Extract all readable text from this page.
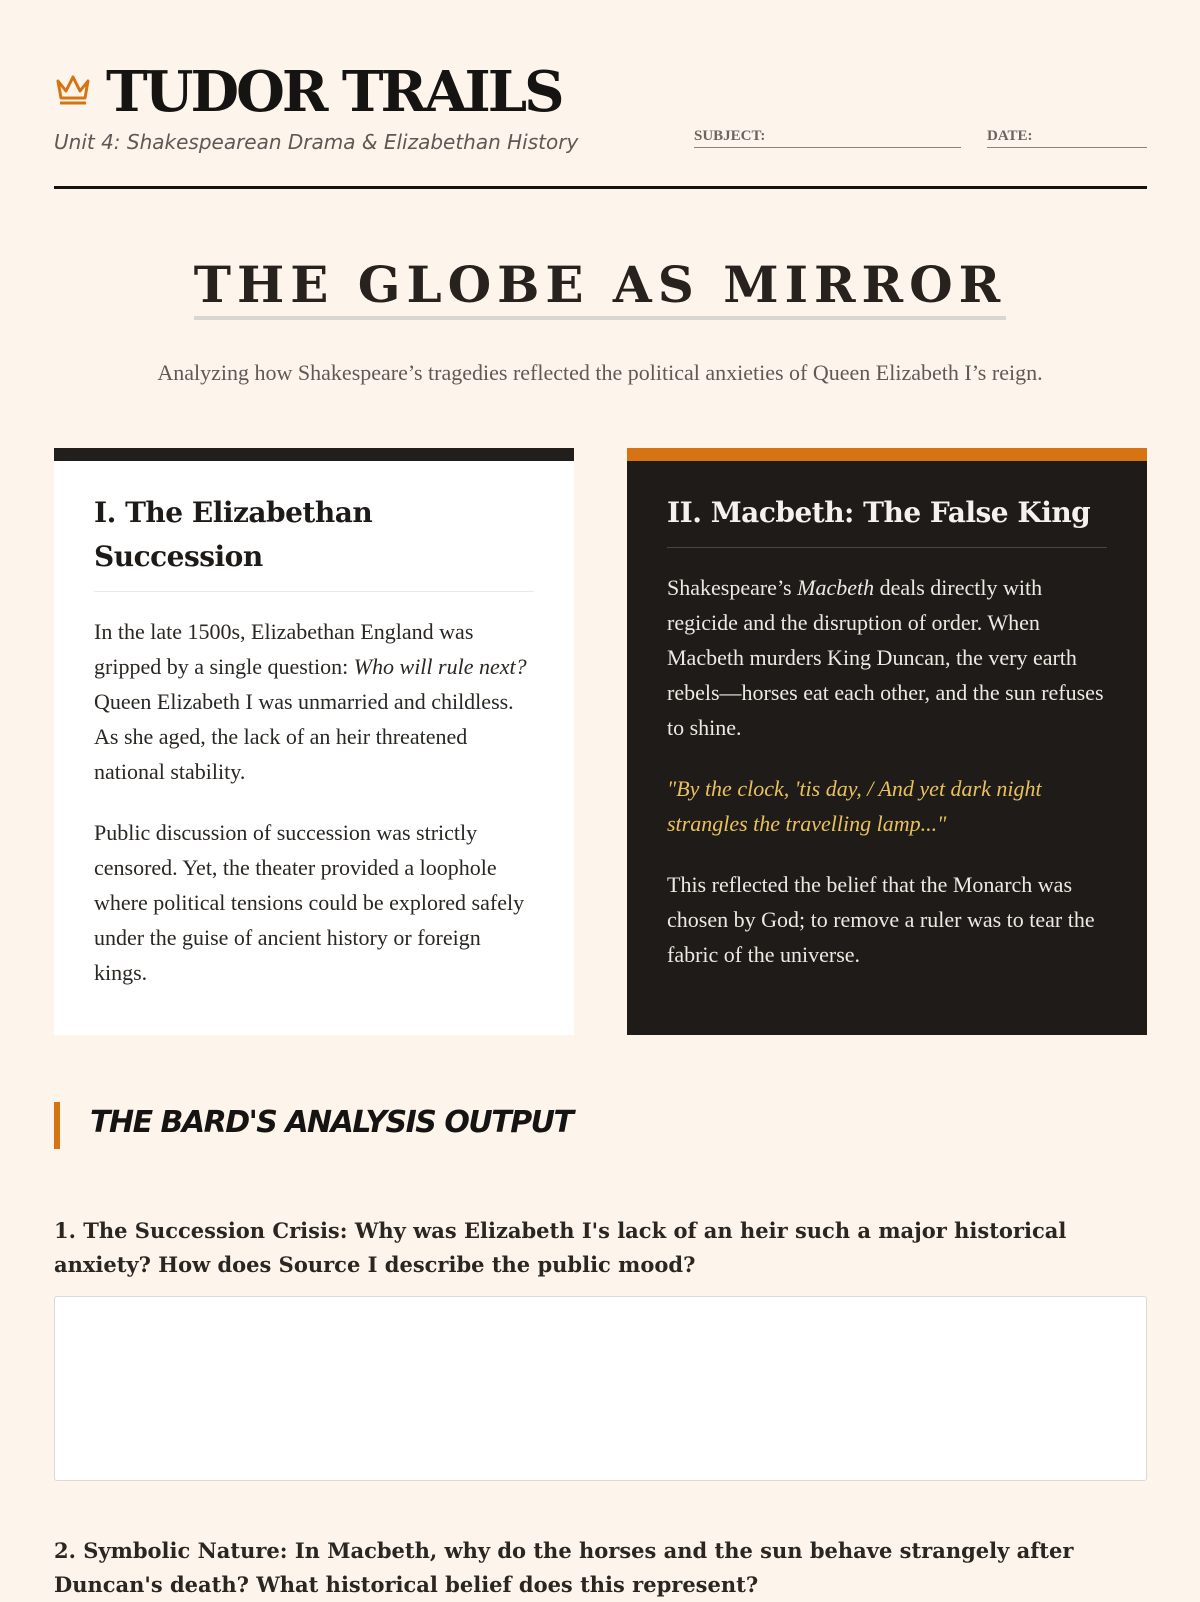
TUDOR TRAILS
Unit 4: Shakespearean Drama & Elizabethan History	SUBJECT:	DATE:
THE GLOBE AS MIRROR
Analyzing how Shakespeare’s tragedies reflected the political anxieties of Queen Elizabeth I’s reign.
I. The Elizabethan Succession

In the late 1500s, Elizabethan England was gripped by a single question: Who will rule next? Queen Elizabeth I was unmarried and childless. As she aged, the lack of an heir threatened national stability.

Public discussion of succession was strictly censored. Yet, the theater provided a loophole where political tensions could be explored safely under the guise of ancient history or foreign kings.

II. Macbeth: The False King

Shakespeare’s Macbeth deals directly with regicide and the disruption of order. When Macbeth murders King Duncan, the very earth rebels—horses eat each other, and the sun refuses to shine.

"By the clock, 'tis day, / And yet dark night strangles the travelling lamp..."

This reflected the belief that the Monarch was chosen by God; to remove a ruler was to tear the fabric of the universe.

THE BARD'S ANALYSIS OUTPUT
1. The Succession Crisis: Why was Elizabeth I's lack of an heir such a major historical anxiety? How does Source I describe the public mood?
2. Symbolic Nature: In Macbeth, why do the horses and the sun behave strangely after Duncan's death? What historical belief does this represent?
